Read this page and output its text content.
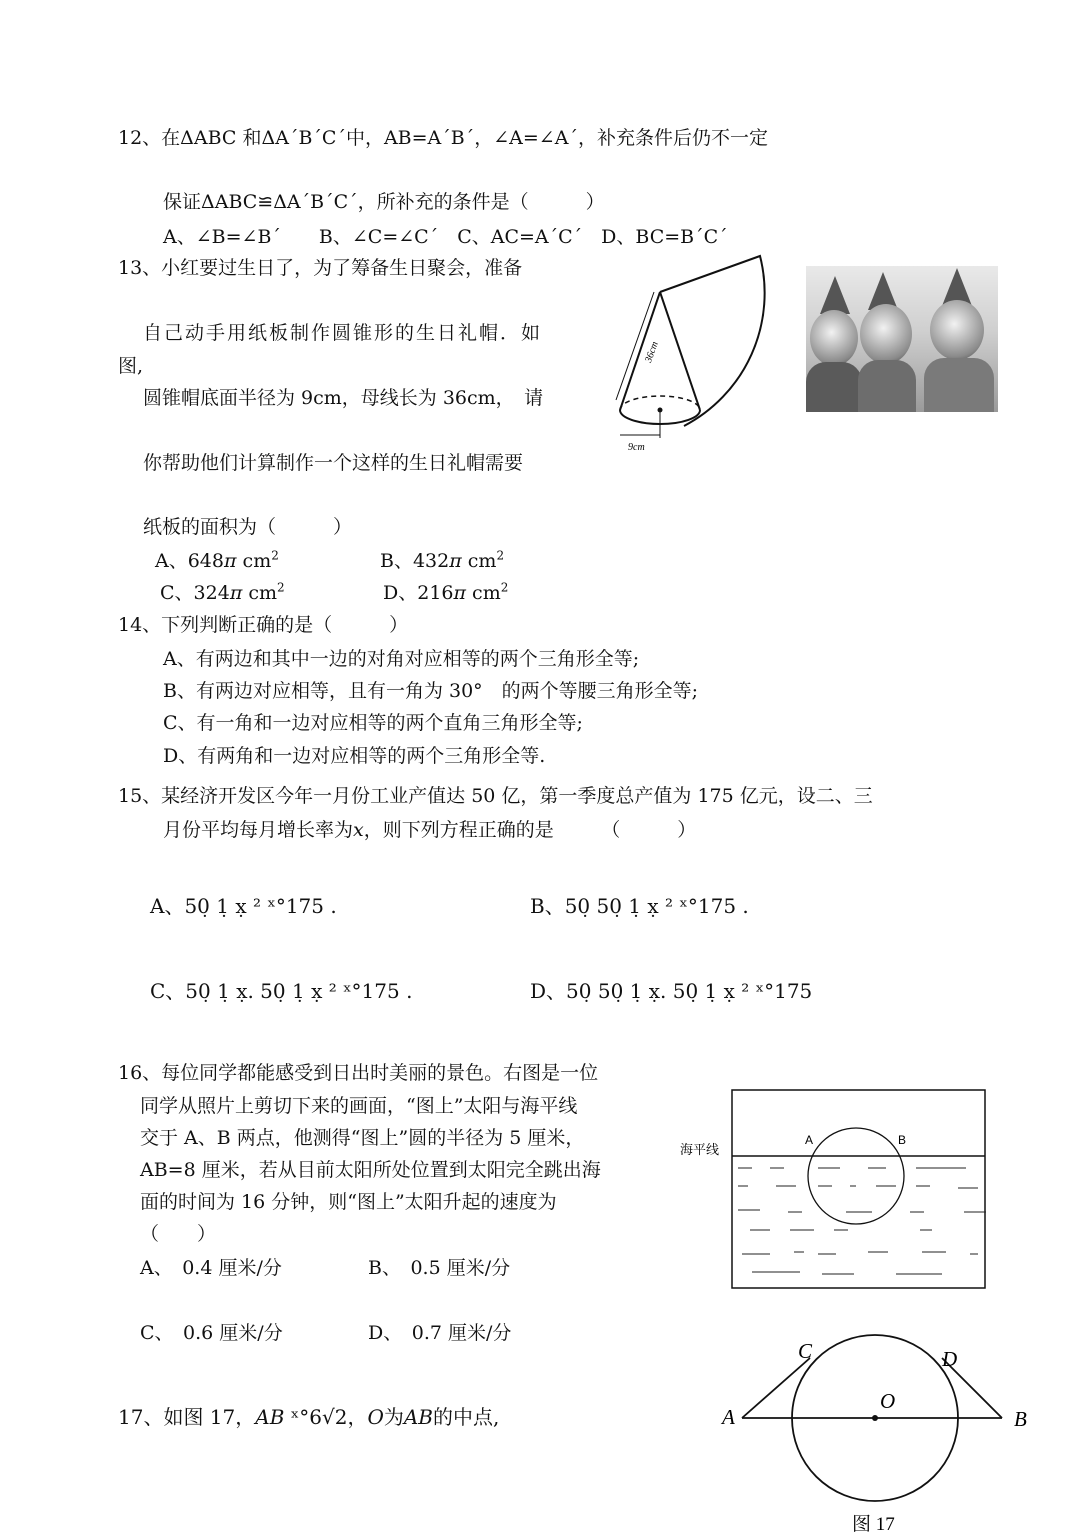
12、在ΔABC 和ΔA´B´C´中，AB=A´B´，∠A=∠A´，补充条件后仍不一定
保证ΔABC≌ΔA´B´C´，所补充的条件是（　　　）
A、∠B=∠B´　　B、∠C=∠C´　C、AC=A´C´　D、BC=B´C´
13、小红要过生日了，为了筹备生日聚会，准备
自己动手用纸板制作圆锥形的生日礼帽．如
图,
圆锥帽底面半径为 9cm，母线长为 36cm，　请
你帮助他们计算制作一个这样的生日礼帽需要
纸板的面积为（　　　）
A、648π $cm^2$	B、432π $cm^2$
C、324π $cm^2$	D、216π $cm^2$
36cm
9cm
14、下列判断正确的是（　　　）
A、有两边和其中一边的对角对应相等的两个三角形全等;
B、有两边对应相等，且有一角为 30°　的两个等腰三角形全等;
C、有一角和一边对应相等的两个直角三角形全等;
D、有两角和一边对应相等的两个三角形全等.
15、某经济开发区今年一月份工业产值达 50 亿，第一季度总产值为 175 亿元，设二、三
月份平均每月增长率为x，则下列方程正确的是　　　（　　　）
A、50̣ 1̣ x̣ ² ˣ°175 .	B、50̣ 50̣ 1̣ x̣ ² ˣ°175 .
C、50̣ 1̣ x̣. 50̣ 1̣ x̣ ² ˣ°175 .	D、50̣ 50̣ 1̣ x̣. 50̣ 1̣ x̣ ² ˣ°175
16、每位同学都能感受到日出时美丽的景色。右图是一位
同学从照片上剪切下来的画面，“图上”太阳与海平线
交于 A、B 两点，他测得“图上”圆的半径为 5 厘米，
AB=8 厘米，若从目前太阳所处位置到太阳完全跳出海
面的时间为 16 分钟，则“图上”太阳升起的速度为
（　　）
A、　0.4 厘米/分	B、　0.5 厘米/分
C、　0.6 厘米/分	D、　0.7 厘米/分
海平线
A	B
17、如图 17，AB ˣ°6√2，O为AB的中点,	A	B
C	D
O
图 17
